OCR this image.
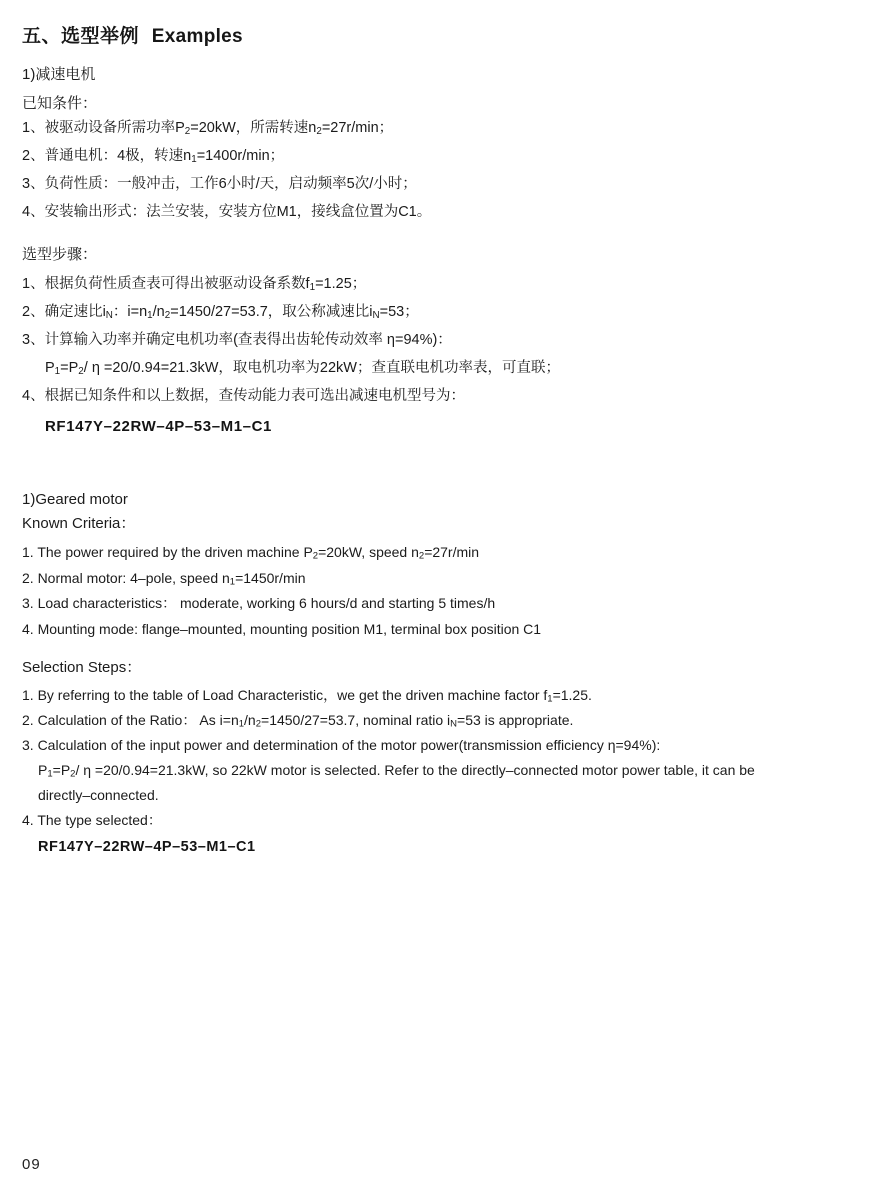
五、选型举例 Examples

1)减速电机

已知条件：

1、被驱动设备所需功率$P_2=20kW$，所需转速$n_2=27r/\min$；

2、普通电机：4极，转速$n_1=1400r/\min$；

3、负荷性质：一般冲击，工作6小时/天，启动频率5次/小时；

4、安装输出形式：法兰安装，安装方位M1，接线盒位置为C1。

选型步骤：

1、根据负荷性质查表可得出被驱动设备系数$f_1=1.25$；

2、确定速比$i_N$：$i=n_1/n_2=1450/27=53.7$，取公称减速比$i_N=53$；

3、计算输入功率并确定电机功率(查表得出齿轮传动效率 η=94%)：

$P_1=P_2/$ η =20/0.94=21.3kW，取电机功率为22kW；查直联电机功率表，可直联；

4、根据已知条件和以上数据，查传动能力表可选出减速电机型号为：

RF147Y–22RW–4P–53–M1–C1

1)Geared motor

Known Criteria：

1. The power required by the driven machine $P_2=20kW$, speed $n_2=27r/\min$

2. Normal motor: 4–pole, speed $n_1=1450r/\min$

3. Load characteristics： moderate, working 6 hours/d and starting 5 times/h

4. Mounting mode: flange–mounted, mounting position M1, terminal box position C1

Selection Steps：

1. By referring to the table of Load Characteristic，we get the driven machine factor $f_1=1.25$.

2. Calculation of the Ratio： As $i=n_1/n_2=1450/27=53.7$, nominal ratio $i_N=53$ is appropriate.

3. Calculation of the input power and determination of the motor power(transmission efficiency η=94%):

$P_1=P_2/$ η =20/0.94=21.3kW, so 22kW motor is selected. Refer to the directly–connected motor power table, it can be

directly–connected.

4. The type selected：

RF147Y–22RW–4P–53–M1–C1

09
